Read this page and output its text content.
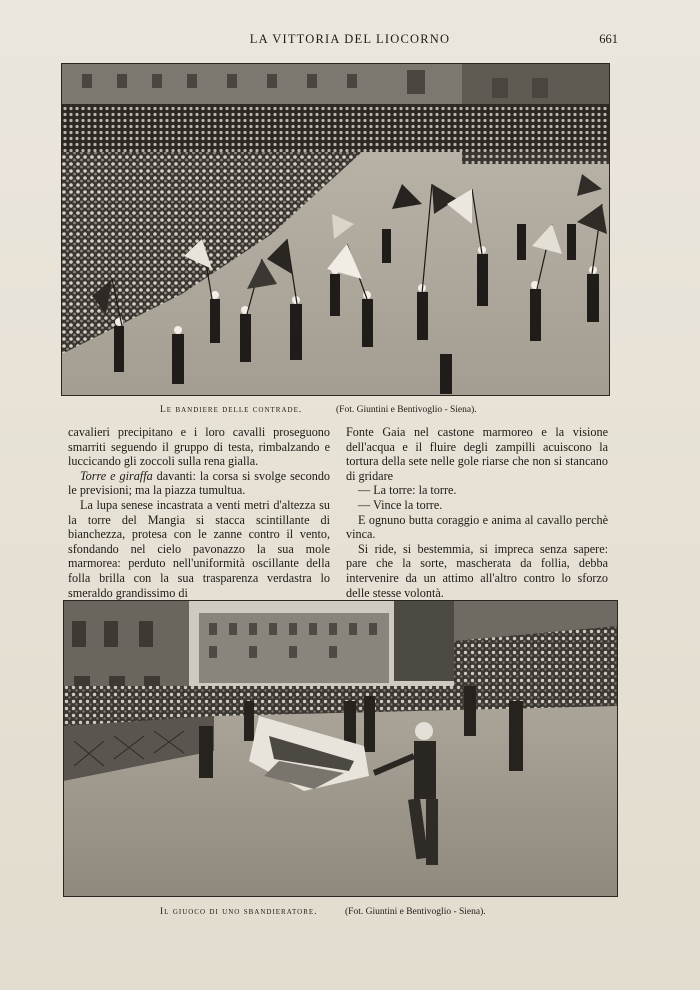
LA VITTORIA DEL LIOCORNO	661
Le bandiere delle contrade.	(Fot. Giuntini e Bentivoglio - Siena).

cavalieri precipitano e i loro cavalli proseguono smarriti seguendo il gruppo di testa, rimbalzando e luccicando gli zoccoli sulla rena gialla.

Torre e giraffa davanti: la corsa si svolge secondo le previsioni; ma la piazza tumultua.

La lupa senese incastrata a venti metri d'altezza su la torre del Mangia si stacca scintillante di bianchezza, protesa con le zanne contro il vento, sfondando nel cielo pavonazzo la sua mole marmorea: perduto nell'uniformità oscillante della folla brilla con la sua trasparenza verdastra lo smeraldo grandissimo di

Fonte Gaia nel castone marmoreo e la visione dell'acqua e il fluire degli zampilli acuiscono la tortura della sete nelle gole riarse che non si stancano di gridare

— La torre: la torre.

— Vince la torre.

E ognuno butta coraggio e anima al cavallo perchè vinca.

Si ride, si bestemmia, si impreca senza sapere: pare che la sorte, mascherata da follia, debba intervenire da un attimo all'altro contro lo sforzo delle stesse volontà.

Il giuoco di uno sbandieratore.	(Fot. Giuntini e Bentivoglio - Siena).
